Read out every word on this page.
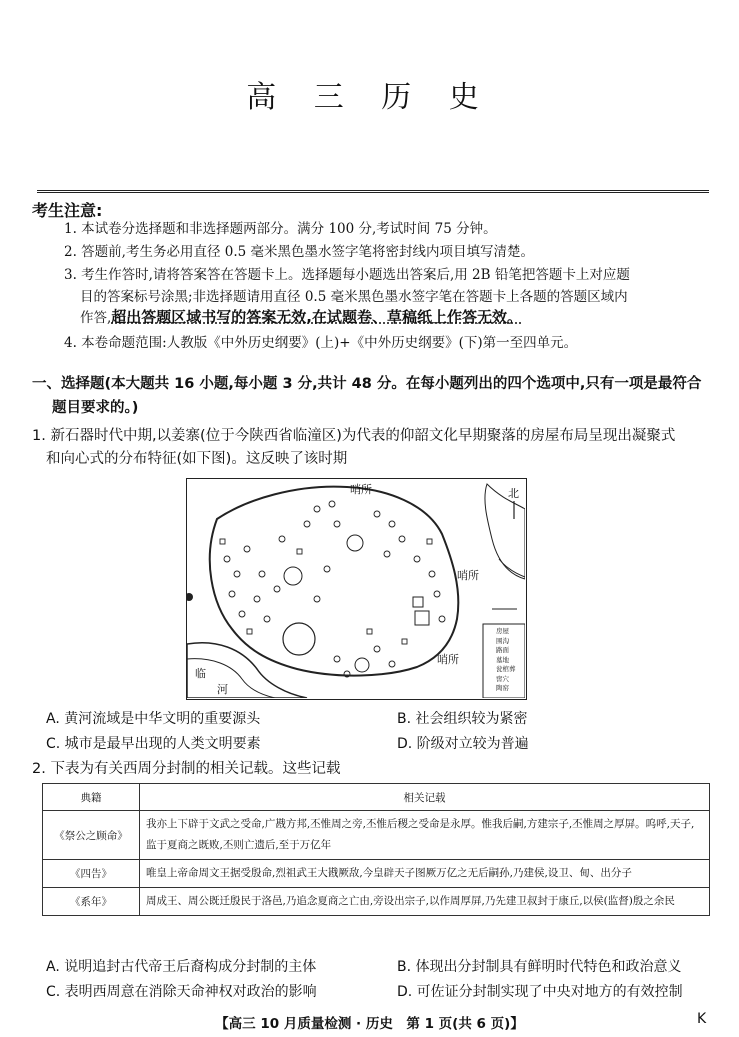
高 三 历 史
考生注意:
1. 本试卷分选择题和非选择题两部分。满分 100 分,考试时间 75 分钟。
2. 答题前,考生务必用直径 0.5 毫米黑色墨水签字笔将密封线内项目填写清楚。
3. 考生作答时,请将答案答在答题卡上。选择题每小题选出答案后,用 2B 铅笔把答题卡上对应题
目的答案标号涂黑;非选择题请用直径 0.5 毫米黑色墨水签字笔在答题卡上各题的答题区域内
作答,超出答题区域书写的答案无效,在试题卷、草稿纸上作答无效。
4. 本卷命题范围:人教版《中外历史纲要》(上)+《中外历史纲要》(下)第一至四单元。
一、选择题(本大题共 16 小题,每小题 3 分,共计 48 分。在每小题列出的四个选项中,只有一项是最符合
题目要求的。)
1. 新石器时代中期,以姜寨(位于今陕西省临潼区)为代表的仰韶文化早期聚落的房屋布局呈现出凝聚式
和向心式的分布特征(如下图)。这反映了该时期
北
哨所
哨所
哨所
临
河
房屋
围沟
路面
墓地
瓮棺葬
窖穴
陶窑
A. 黄河流域是中华文明的重要源头	B. 社会组织较为紧密
C. 城市是最早出现的人类文明要素	D. 阶级对立较为普遍
2. 下表为有关西周分封制的相关记载。这些记载
典籍	相关记载
《祭公之顾命》	我亦上下辟于文武之受命,广戡方邦,丕惟周之旁,丕惟后稷之受命是永厚。惟我后嗣,方建宗子,丕惟周之厚屏。呜呼,天子,监于夏商之既败,丕则亡遗后,至于万亿年
《四告》	唯皇上帝命周文王据受殷命,烈祖武王大戡厥敌,今皇辟天子图厥万亿之无后嗣孙,乃建侯,设卫、甸、出分子
《系年》	周成王、周公既迁殷民于洛邑,乃追念夏商之亡由,旁设出宗子,以作周厚屏,乃先建卫叔封于康丘,以侯(监督)殷之余民
A. 说明追封古代帝王后裔构成分封制的主体	B. 体现出分封制具有鲜明时代特色和政治意义
C. 表明西周意在消除天命神权对政治的影响	D. 可佐证分封制实现了中央对地方的有效控制
【高三 10 月质量检测 · 历史　第 1 页(共 6 页)】	K
